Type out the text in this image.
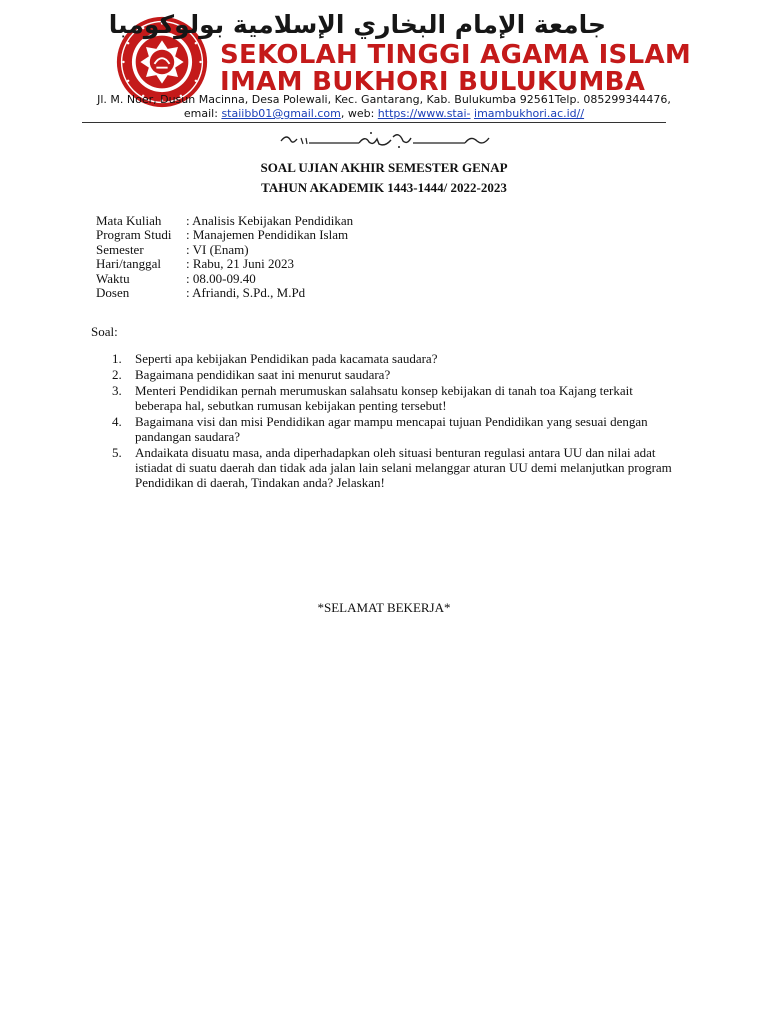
جامعة الإمام البخاري الإسلامية بولوكومبا
SEKOLAH TINGGI AGAMA ISLAM
IMAM BUKHORI BULUKUMBA
Jl. M. Noer, Dusun Macinna, Desa Polewali, Kec. Gantarang, Kab. Bulukumba 92561Telp. 085299344476,
email: staiibb01@gmail.com, web: https://www.stai- imambukhori.ac.id//
SOAL UJIAN AKHIR SEMESTER GENAP
TAHUN AKADEMIK 1443-1444/ 2022-2023
Mata Kuliah	: Analisis Kebijakan Pendidikan
Program Studi	: Manajemen Pendidikan Islam
Semester	: VI (Enam)
Hari/tanggal	: Rabu, 21 Juni 2023
Waktu	: 08.00-09.40
Dosen	: Afriandi, S.Pd., M.Pd
Soal:
1.	Seperti apa kebijakan Pendidikan pada kacamata saudara?
2.	Bagaimana pendidikan saat ini menurut saudara?
3.	Menteri Pendidikan pernah merumuskan salahsatu konsep kebijakan di tanah toa Kajang terkait beberapa hal, sebutkan rumusan kebijakan penting tersebut!
4.	Bagaimana visi dan misi Pendidikan agar mampu mencapai tujuan Pendidikan yang sesuai dengan pandangan saudara?
5.	Andaikata disuatu masa, anda diperhadapkan oleh situasi benturan regulasi antara UU dan nilai adat istiadat di suatu daerah dan tidak ada jalan lain selani melanggar aturan UU demi melanjutkan program Pendidikan di daerah, Tindakan anda? Jelaskan!
*SELAMAT BEKERJA*
